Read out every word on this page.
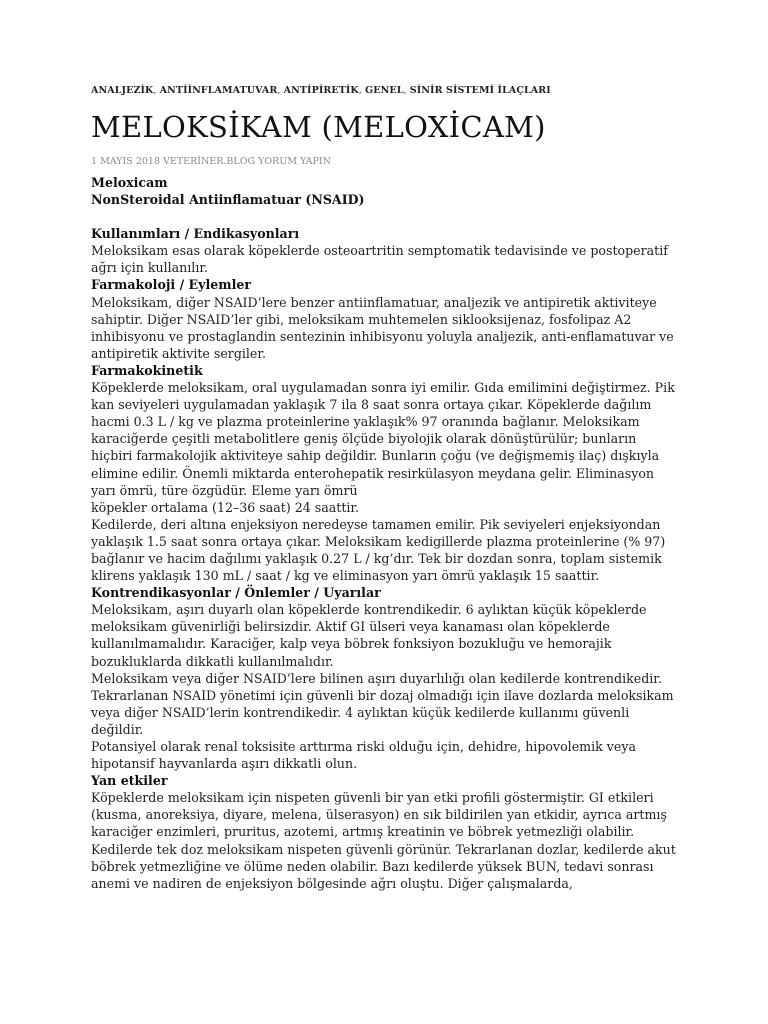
ANALJEZİK, ANTİİNFLAMATUVAR, ANTİPİRETİK, GENEL, SİNİR SİSTEMİ İLAÇLARI
MELOKSİKAM (MELOXİCAM)
1 MAYIS 2018 VETERİNER.BLOG YORUM YAPIN

Meloxicam

NonSteroidal Antiinflamatuar (NSAID)

Kullanımları / Endikasyonları

Meloksikam esas olarak köpeklerde osteoartritin semptomatik tedavisinde ve postoperatif ağrı için kullanılır.

Farmakoloji / Eylemler

Meloksikam, diğer NSAID’lere benzer antiinflamatuar, analjezik ve antipiretik aktiviteye sahiptir. Diğer NSAID’ler gibi, meloksikam muhtemelen siklooksijenaz, fosfolipaz A2 inhibisyonu ve prostaglandin sentezinin inhibisyonu yoluyla analjezik, anti-enflamatuvar ve antipiretik aktivite sergiler.

Farmakokinetik

Köpeklerde meloksikam, oral uygulamadan sonra iyi emilir. Gıda emilimini değiştirmez. Pik kan seviyeleri uygulamadan yaklaşık 7 ila 8 saat sonra ortaya çıkar. Köpeklerde dağılım hacmi 0.3 L / kg ve plazma proteinlerine yaklaşık% 97 oranında bağlanır. Meloksikam karaciğerde çeşitli metabolitlere geniş ölçüde biyolojik olarak dönüştürülür; bunların hiçbiri farmakolojik aktiviteye sahip değildir. Bunların çoğu (ve değişmemiş ilaç) dışkıyla elimine edilir. Önemli miktarda enterohepatik resirkülasyon meydana gelir. Eliminasyon yarı ömrü, türe özgüdür. Eleme yarı ömrü

köpekler ortalama (12–36 saat) 24 saattir.

Kedilerde, deri altına enjeksiyon neredeyse tamamen emilir. Pik seviyeleri enjeksiyondan yaklaşık 1.5 saat sonra ortaya çıkar. Meloksikam kedigillerde plazma proteinlerine (% 97) bağlanır ve hacim dağılımı yaklaşık 0.27 L / kg’dır. Tek bir dozdan sonra, toplam sistemik klirens yaklaşık 130 mL / saat / kg ve eliminasyon yarı ömrü yaklaşık 15 saattir.

Kontrendikasyonlar / Önlemler / Uyarılar

Meloksikam, aşırı duyarlı olan köpeklerde kontrendikedir. 6 aylıktan küçük köpeklerde meloksikam güvenirliği belirsizdir. Aktif GI ülseri veya kanaması olan köpeklerde kullanılmamalıdır. Karaciğer, kalp veya böbrek fonksiyon bozukluğu ve hemorajik bozukluklarda dikkatli kullanılmalıdır.

Meloksikam veya diğer NSAID’lere bilinen aşırı duyarlılığı olan kedilerde kontrendikedir. Tekrarlanan NSAID yönetimi için güvenli bir dozaj olmadığı için ilave dozlarda meloksikam veya diğer NSAID’lerin kontrendikedir. 4 aylıktan küçük kedilerde kullanımı güvenli değildir.

Potansiyel olarak renal toksisite arttırma riski olduğu için, dehidre, hipovolemik veya hipotansif hayvanlarda aşırı dikkatli olun.

Yan etkiler

Köpeklerde meloksikam için nispeten güvenli bir yan etki profili göstermiştir. GI etkileri (kusma, anoreksiya, diyare, melena, ülserasyon) en sık bildirilen yan etkidir, ayrıca artmış karaciğer enzimleri, pruritus, azotemi, artmış kreatinin ve böbrek yetmezliği olabilir.

Kedilerde tek doz meloksikam nispeten güvenli görünür. Tekrarlanan dozlar, kedilerde akut böbrek yetmezliğine ve ölüme neden olabilir. Bazı kedilerde yüksek BUN, tedavi sonrası anemi ve nadiren de enjeksiyon bölgesinde ağrı oluştu. Diğer çalışmalarda,
